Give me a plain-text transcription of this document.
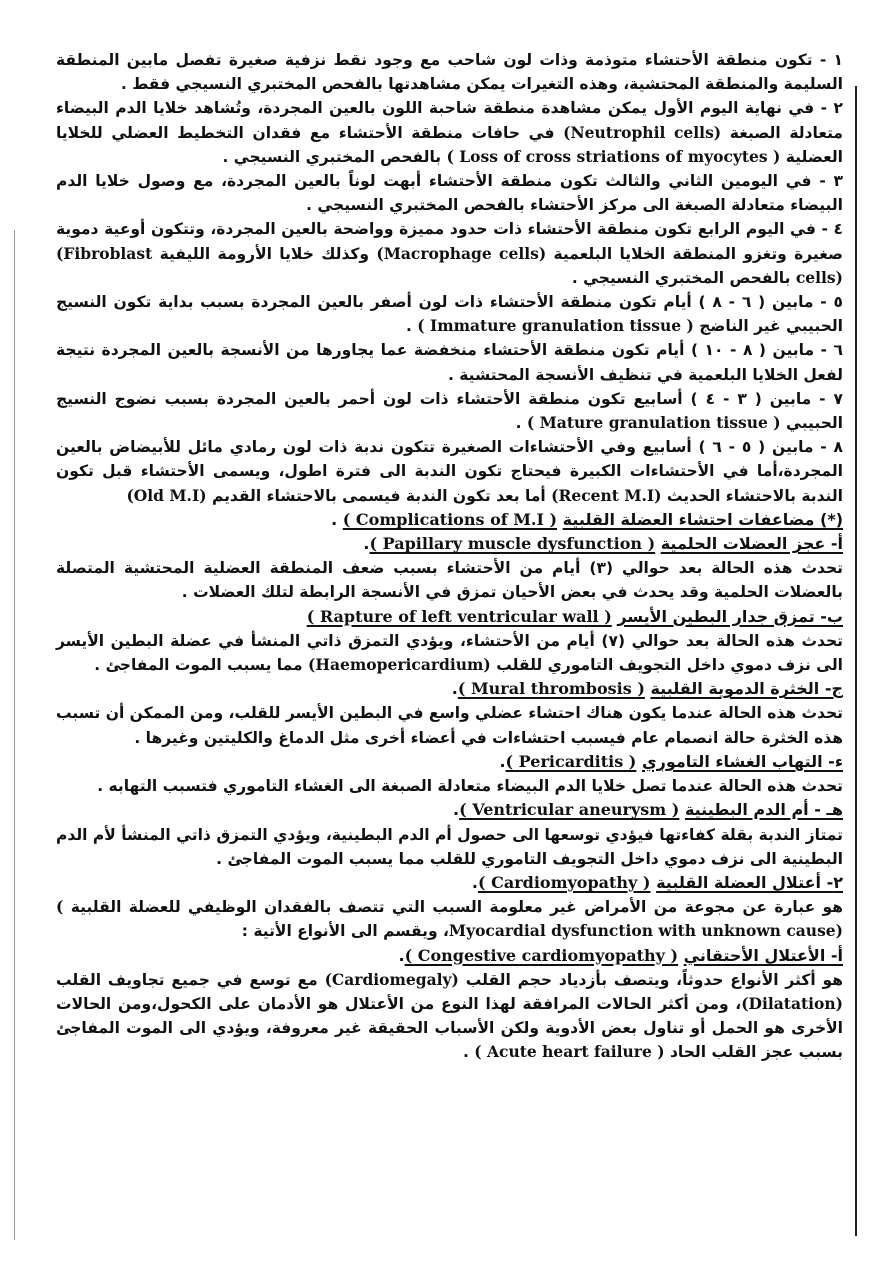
١ - تكون منطقة الأحتشاء متوذمة وذات لون شاحب مع وجود نقط نزفية صغيرة تفصل مابين المنطقة السليمة والمنطقة المحتشية، وهذه التغيرات يمكن مشاهدتها بالفحص المختبري النسيجي فقط .

٢ - في نهاية اليوم الأول يمكن مشاهدة منطقة شاحبة اللون بالعين المجردة، وتُشاهد خلايا الدم البيضاء متعادلة الصبغة (Neutrophil cells) في حافات منطقة الأحتشاء مع فقدان التخطيط العضلي للخلايا العضلية ( Loss of cross striations of myocytes ) بالفحص المختبري النسيجي .

٣ - في اليومين الثاني والثالث تكون منطقة الأحتشاء أبهت لوناً بالعين المجردة، مع وصول خلايا الدم البيضاء متعادلة الصبغة الى مركز الأحتشاء بالفحص المختبري النسيجي .

٤ - في اليوم الرابع تكون منطقة الأحتشاء ذات حدود مميزة وواضحة بالعين المجردة، وتتكون أوعية دموية صغيرة وتغزو المنطقة الخلايا البلعمية (Macrophage cells) وكذلك خلايا الأرومة الليفية (Fibroblast cells) بالفحص المختبري النسيجي .

٥ - مابين ( ٦ - ٨ ) أيام تكون منطقة الأحتشاء ذات لون أصفر بالعين المجردة بسبب بداية تكون النسيج الحبيبي غير الناضج ( Immature granulation tissue ) .

٦ - مابين ( ٨ - ١٠ ) أيام تكون منطقة الأحتشاء منخفضة عما يجاورها من الأنسجة بالعين المجردة نتيجة لفعل الخلايا البلعمية في تنظيف الأنسجة المحتشية .

٧ - مابين ( ٣ - ٤ ) أسابيع تكون منطقة الأحتشاء ذات لون أحمر بالعين المجردة بسبب نضوج النسيج الحبيبي ( Mature granulation tissue ) .

٨ - مابين ( ٥ - ٦ ) أسابيع وفي الأحتشاءات الصغيرة تتكون ندبة ذات لون رمادي مائل للأبيضاض بالعين المجردة،أما في الأحتشاءات الكبيرة فيحتاج تكون الندبة الى فترة اطول، ويسمى الأحتشاء قبل تكون الندبة بالاحتشاء الحديث (Recent M.I) أما بعد تكون الندبة فيسمى بالاحتشاء القديم (Old M.I)

(*) مضاعفات احتشاء العضلة القلبية ( Complications of M.I ) .

أ- عجز العضلات الحلمية ( Papillary muscle dysfunction ).

تحدث هذه الحالة بعد حوالي (٣) أيام من الأحتشاء بسبب ضعف المنطقة العضلية المحتشية المتصلة بالعضلات الحلمية وقد يحدث في بعض الأحيان تمزق في الأنسجة الرابطة لتلك العضلات .

ب- تمزق جدار البطين الأيسر ( Rapture of left ventricular wall )

تحدث هذه الحالة بعد حوالي (٧) أيام من الأحتشاء، ويؤدي التمزق ذاتي المنشأ في عضلة البطين الأيسر الى نزف دموي داخل التجويف التاموري للقلب (Haemopericardium) مما يسبب الموت المفاجئ .

ج- الخثرة الدموية القلبية ( Mural thrombosis ).

تحدث هذه الحالة عندما يكون هناك احتشاء عضلي واسع في البطين الأيسر للقلب، ومن الممكن أن تسبب هذه الخثرة حالة انصمام عام فيسبب احتشاءات في أعضاء أخرى مثل الدماغ والكليتين وغيرها .

ء- التهاب الغشاء التاموري ( Pericarditis ).

تحدث هذه الحالة عندما تصل خلايا الدم البيضاء متعادلة الصبغة الى الغشاء التاموري فتسبب التهابه .

هـ - أم الدم البطينية ( Ventricular aneurysm ).

تمتاز الندبة بقلة كفاءتها فيؤدي توسعها الى حصول أم الدم البطينية، ويؤدي التمزق ذاتي المنشأ لأم الدم البطينية الى نزف دموي داخل التجويف التاموري للقلب مما يسبب الموت المفاجئ .

٢- أعتلال العضلة القلبية ( Cardiomyopathy ).

هو عبارة عن مجوعة من الأمراض غير معلومة السبب التي تتصف بالفقدان الوظيفي للعضلة القلبية ( Myocardial dysfunction with unknown cause)، ويقسم الى الأنواع الأتية :

أ- الأعتلال الأحتقاني ( Congestive cardiomyopathy ).

هو أكثر الأنواع حدوثاً، ويتصف بأزدياد حجم القلب (Cardiomegaly) مع توسع في جميع تجاويف القلب (Dilatation)، ومن أكثر الحالات المرافقة لهذا النوع من الأعتلال هو الأدمان على الكحول،ومن الحالات الأخرى هو الحمل أو تناول بعض الأدوية ولكن الأسباب الحقيقة غير معروفة، ويؤدي الى الموت المفاجئ بسبب عجز القلب الحاد ( Acute heart failure ) .
